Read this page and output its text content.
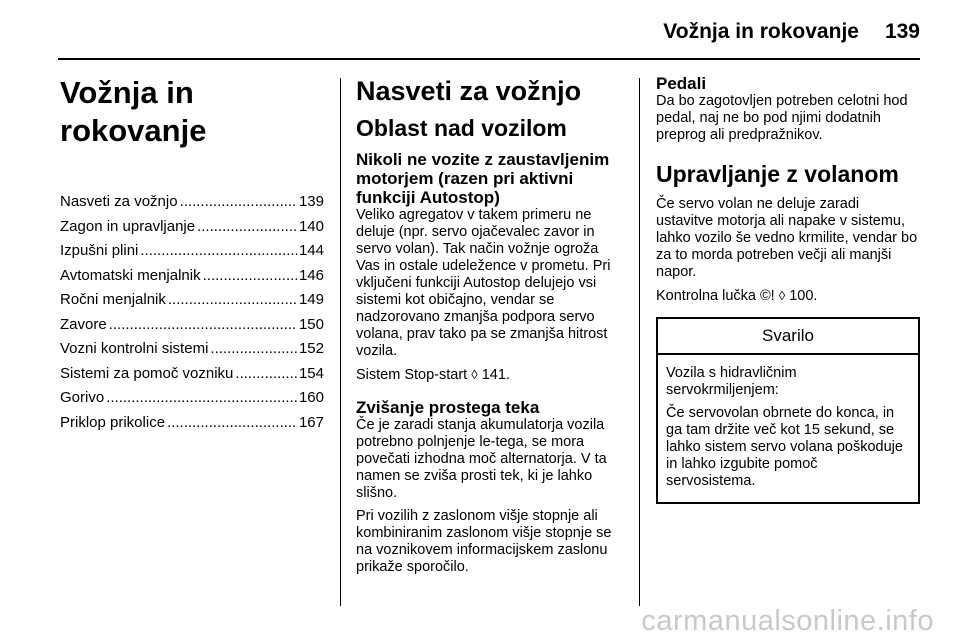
Vožnja in rokovanje 139
Vožnja in rokovanje
Nasveti za vožnjo .....	139
Zagon in upravljanje .....	140
Izpušni plini .....	144
Avtomatski menjalnik .....	146
Ročni menjalnik .....	149
Zavore .....	150
Vozni kontrolni sistemi .....	152
Sistemi za pomoč vozniku .....	154
Gorivo .....	160
Priklop prikolice .....	167
Nasveti za vožnjo
Oblast nad vozilom
Nikoli ne vozite z zaustavljenim motorjem (razen pri aktivni funkciji Autostop)

Veliko agregatov v takem primeru ne deluje (npr. servo ojačevalec zavor in servo volan). Tak način vožnje ogroža Vas in ostale udeležence v prometu. Pri vključeni funkciji Autostop delujejo vsi sistemi kot običajno, vendar se nadzorovano zmanjša podpora servo volana, prav tako pa se zmanjša hitrost vozila.

Sistem Stop-start ◊ 141.

Zvišanje prostega teka

Če je zaradi stanja akumulatorja vozila potrebno polnjenje le-tega, se mora povečati izhodna moč alternatorja. V ta namen se zviša prosti tek, ki je lahko slišno.

Pri vozilih z zaslonom višje stopnje ali kombiniranim zaslonom višje stopnje se na voznikovem informacijskem zaslonu prikaže sporočilo.

Pedali

Da bo zagotovljen potreben celotni hod pedal, naj ne bo pod njimi dodatnih preprog ali predpražnikov.

Upravljanje z volanom

Če servo volan ne deluje zaradi ustavitve motorja ali napake v sistemu, lahko vozilo še vedno krmilite, vendar bo za to morda potreben večji ali manjši napor.

Kontrolna lučka ©! ◊ 100.

Svarilo

Vozila s hidravličnim servokrmiljenjem:

Če servovolan obrnete do konca, in ga tam držite več kot 15 sekund, se lahko sistem servo volana poškoduje in lahko izgubite pomoč servosistema.

carmanualsonline.info
